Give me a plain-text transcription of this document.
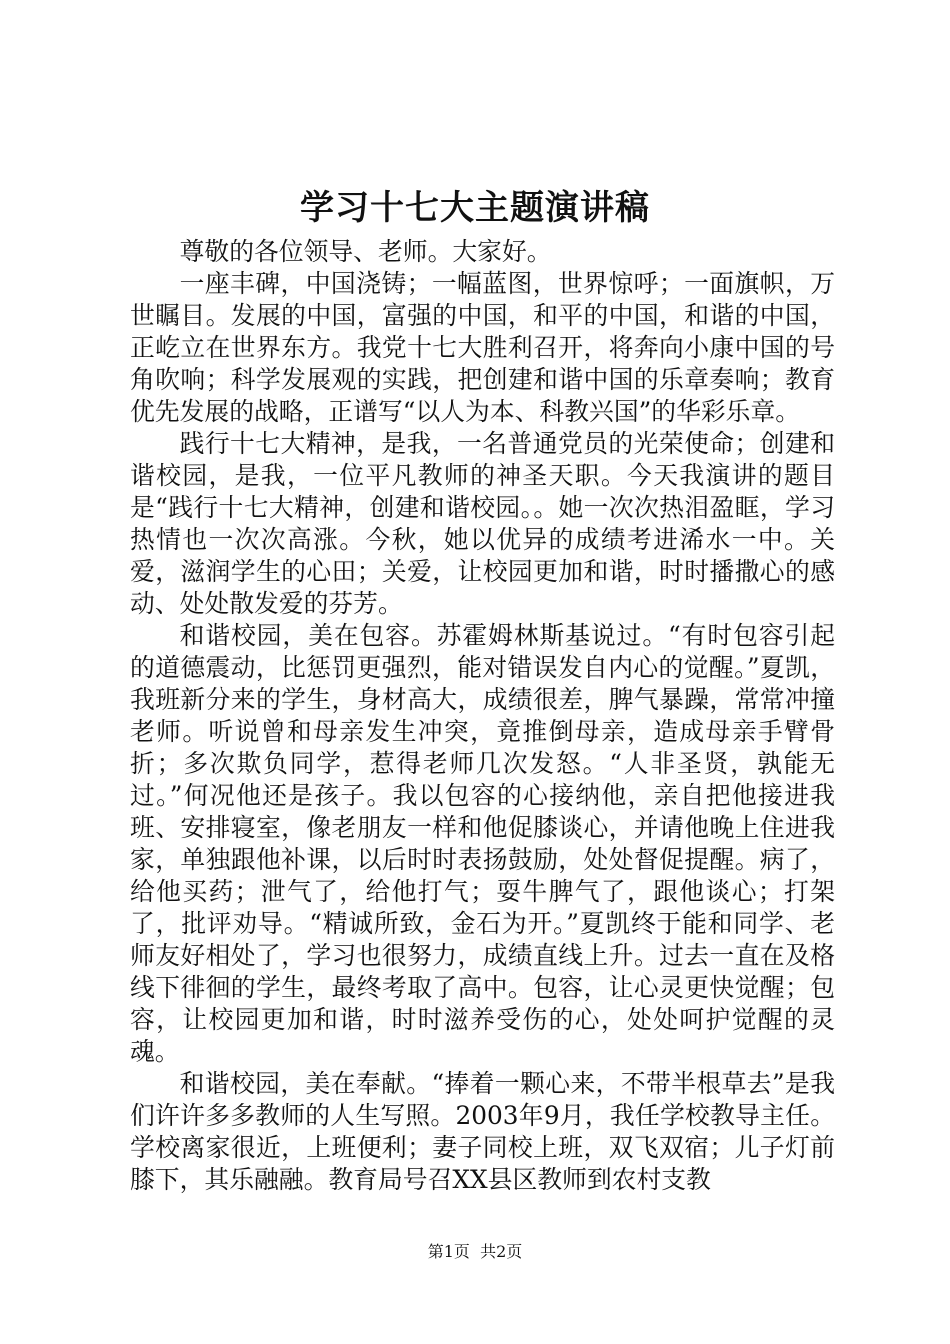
学习十七大主题演讲稿

尊敬的各位领导、老师。大家好。

一座丰碑，中国浇铸；一幅蓝图，世界惊呼；一面旗帜，万世瞩目。发展的中国，富强的中国，和平的中国，和谐的中国，正屹立在世界东方。我党十七大胜利召开，将奔向小康中国的号角吹响；科学发展观的实践，把创建和谐中国的乐章奏响；教育优先发展的战略，正谱写“以人为本、科教兴国”的华彩乐章。

践行十七大精神，是我，一名普通党员的光荣使命；创建和谐校园，是我，一位平凡教师的神圣天职。今天我演讲的题目是“践行十七大精神，创建和谐校园。。她一次次热泪盈眶，学习热情也一次次高涨。今秋，她以优异的成绩考进浠水一中。关爱，滋润学生的心田；关爱，让校园更加和谐，时时播撒心的感动、处处散发爱的芬芳。

和谐校园，美在包容。苏霍姆林斯基说过。“有时包容引起的道德震动，比惩罚更强烈，能对错误发自内心的觉醒。”夏凯，我班新分来的学生，身材高大，成绩很差，脾气暴躁，常常冲撞老师。听说曾和母亲发生冲突，竟推倒母亲，造成母亲手臂骨折；多次欺负同学，惹得老师几次发怒。“人非圣贤，孰能无过。”何况他还是孩子。我以包容的心接纳他，亲自把他接进我班、安排寝室，像老朋友一样和他促膝谈心，并请他晚上住进我家，单独跟他补课，以后时时表扬鼓励，处处督促提醒。病了，给他买药；泄气了，给他打气；耍牛脾气了，跟他谈心；打架了，批评劝导。“精诚所致，金石为开。”夏凯终于能和同学、老师友好相处了，学习也很努力，成绩直线上升。过去一直在及格线下徘徊的学生，最终考取了高中。包容，让心灵更快觉醒；包容，让校园更加和谐，时时滋养受伤的心，处处呵护觉醒的灵魂。

和谐校园，美在奉献。“捧着一颗心来，不带半根草去”是我们许许多多教师的人生写照。2003年9月，我任学校教导主任。学校离家很近，上班便利；妻子同校上班，双飞双宿；儿子灯前膝下，其乐融融。教育局号召XX县区教师到农村支教

第1页 共2页
